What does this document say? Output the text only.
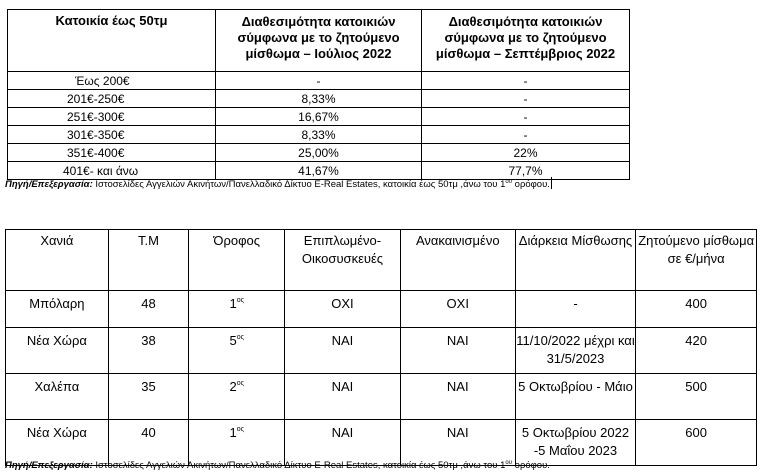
Κατοικία έως 50τμ	Διαθεσιμότητα κατοικιών σύμφωνα με το ζητούμενο μίσθωμα – Ιούλιος 2022	Διαθεσιμότητα κατοικιών σύμφωνα με το ζητούμενο μίσθωμα – Σεπτέμβριος 2022
Έως 200€	-	-
201€-250€	8,33%	-
251€-300€	16,67%	-
301€-350€	8,33%	-
351€-400€	25,00%	22%
401€- και άνω	41,67%	77,7%
Πηγή/Επεξεργασία: Ιστοσελίδες Αγγελιών Ακινήτων/Πανελλαδικό Δίκτυο E-Real Estates, κατοικία έως 50τμ ,άνω του $1^{o\upsilon}$ ορόφου.
Χανιά	Τ.Μ	Όροφος	Επιπλωμένο-Οικοσυσκευές	Ανακαινισμένο	Διάρκεια Μίσθωσης	Ζητούμενο μίσθωμα σε €/μήνα
Μπόλαρη	48	$1^{o\varsigma}$	ΟΧΙ	ΟΧΙ	-	400
Νέα Χώρα	38	$5^{o\varsigma}$	ΝΑΙ	ΝΑΙ	11/10/2022 μέχρι και 31/5/2023	420
Χαλέπα	35	$2^{o\varsigma}$	ΝΑΙ	ΝΑΙ	5 Οκτωβρίου - Μάιο	500
Νέα Χώρα	40	$1^{o\varsigma}$	ΝΑΙ	ΝΑΙ	5 Οκτωβρίου 2022 -5 Μαΐου 2023	600
Πηγή/Επεξεργασία: Ιστοσελίδες Αγγελιών Ακινήτων/Πανελλαδικό Δίκτυο E-Real Estates, κατοικία έως 50τμ ,άνω του $1^{o\upsilon}$ ορόφου.
